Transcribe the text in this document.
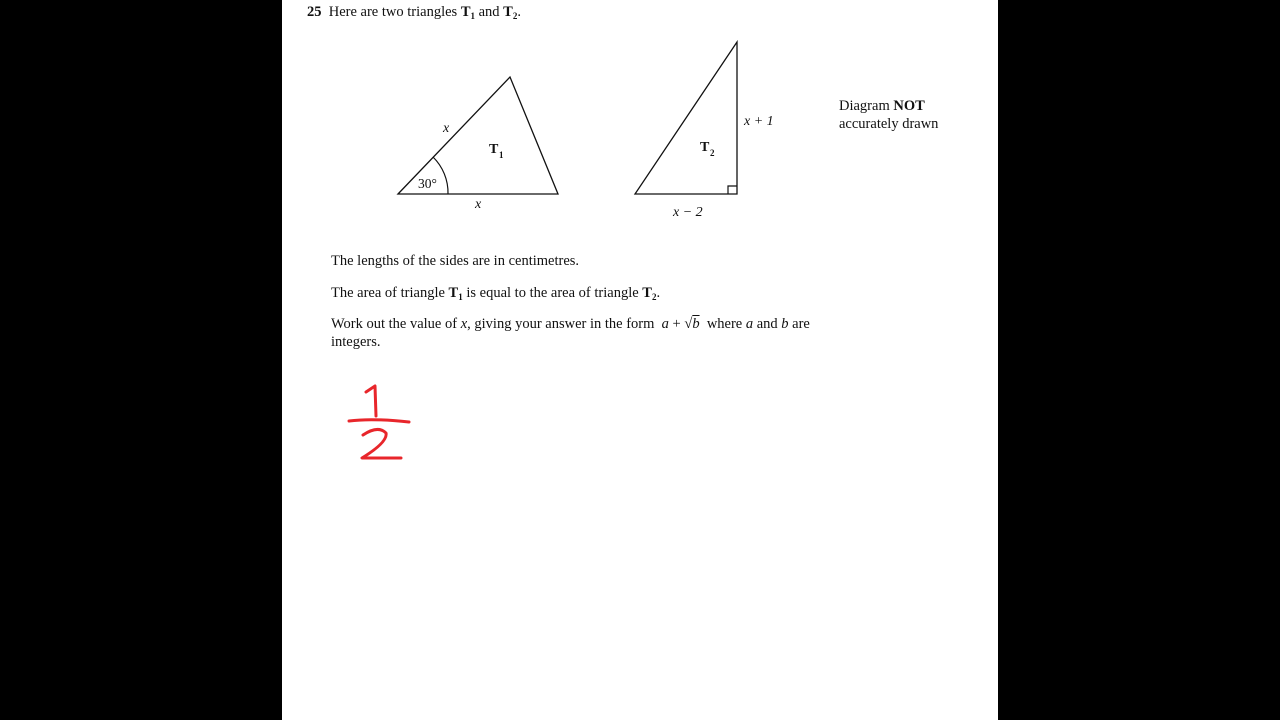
25 Here are two triangles $T_1$ and $T_2$.
30°
x
x
T 1	T 2
x + 1
x − 2
Diagram NOT
accurately drawn
The lengths of the sides are in centimetres.
The area of triangle $T_1$ is equal to the area of triangle $T_2$.
Work out the value of x, giving your answer in the form  a + √b  where a and b are
integers.
